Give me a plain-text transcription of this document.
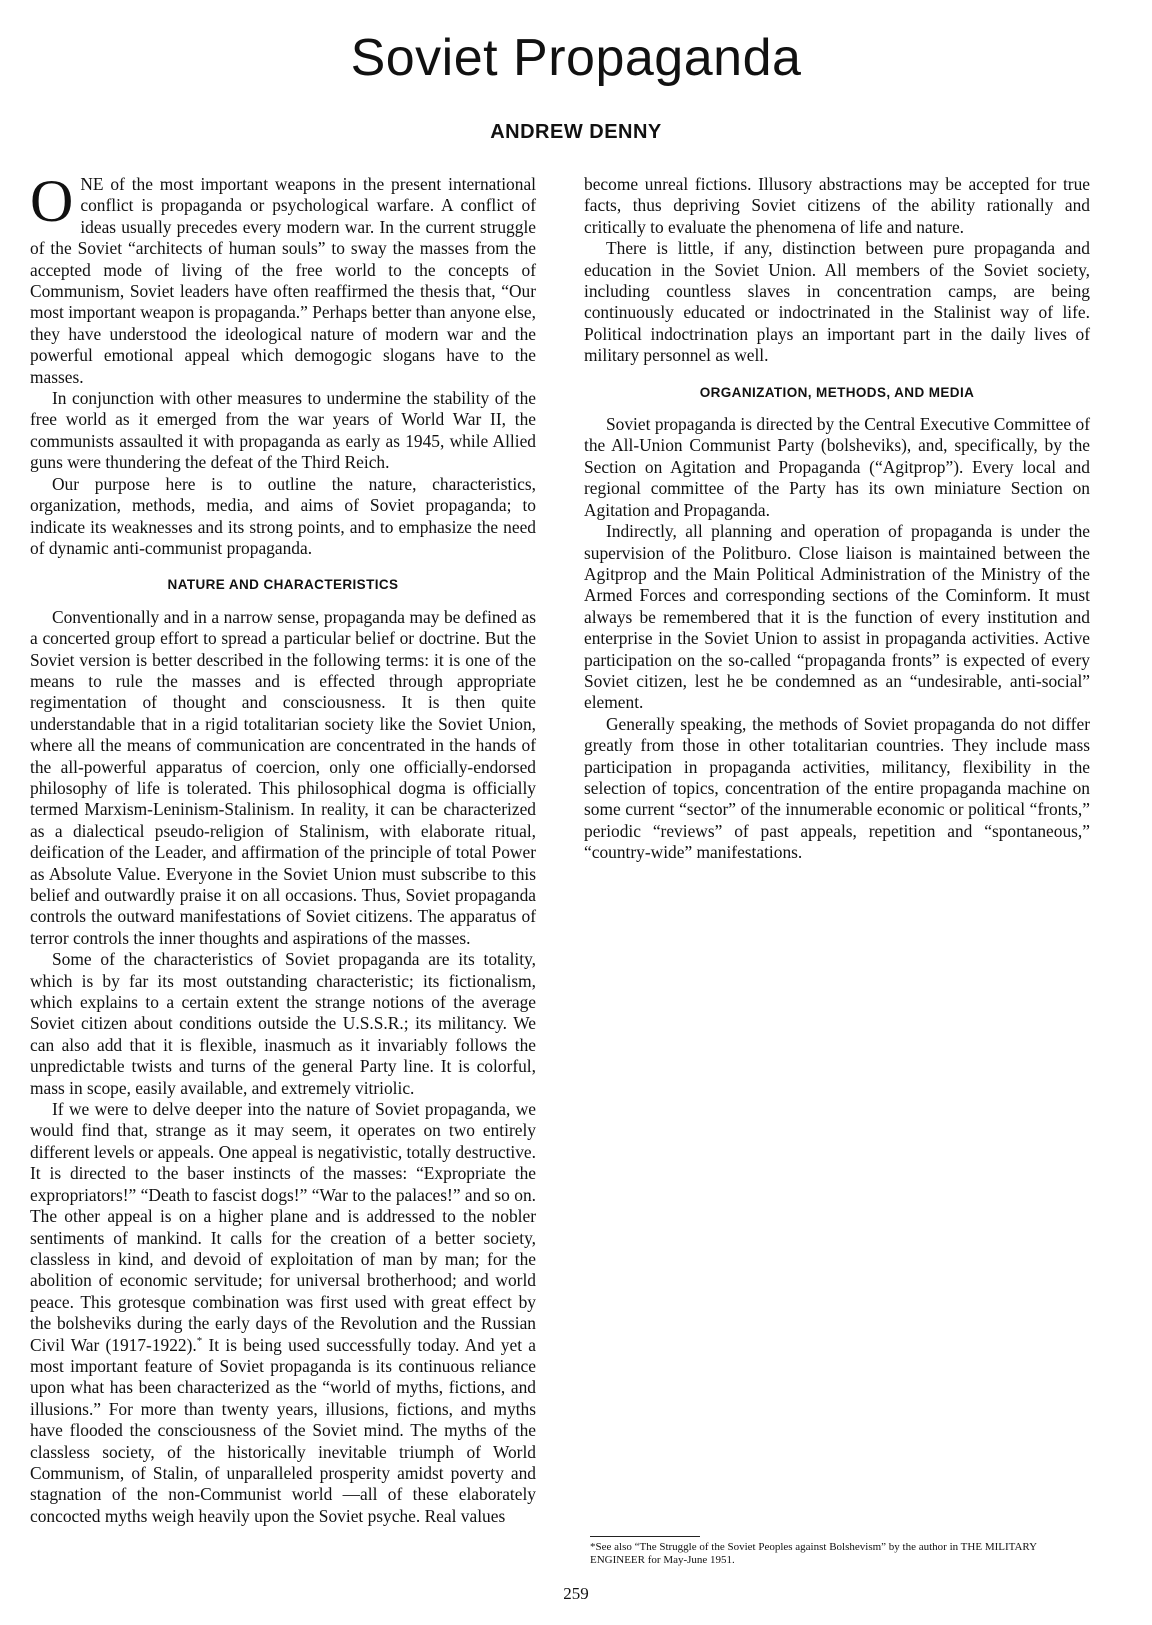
Soviet Propaganda
ANDREW DENNY

ONE of the most important weapons in the present international conflict is propaganda or psychological warfare. A conflict of ideas usually precedes every modern war. In the current struggle of the Soviet “architects of human souls” to sway the masses from the accepted mode of living of the free world to the concepts of Communism, Soviet leaders have often reaffirmed the thesis that, “Our most important weapon is propaganda.” Perhaps better than anyone else, they have understood the ideological nature of modern war and the powerful emotional appeal which demogogic slogans have to the masses.

In conjunction with other measures to undermine the stability of the free world as it emerged from the war years of World War II, the communists assaulted it with propaganda as early as 1945, while Allied guns were thundering the defeat of the Third Reich.

Our purpose here is to outline the nature, characteristics, organization, methods, media, and aims of Soviet propaganda; to indicate its weaknesses and its strong points, and to emphasize the need of dynamic anti-communist propaganda.

NATURE AND CHARACTERISTICS

Conventionally and in a narrow sense, propaganda may be defined as a concerted group effort to spread a particular belief or doctrine. But the Soviet version is better described in the following terms: it is one of the means to rule the masses and is effected through appropriate regimentation of thought and consciousness. It is then quite understandable that in a rigid totalitarian society like the Soviet Union, where all the means of communication are concentrated in the hands of the all-powerful apparatus of coercion, only one officially-endorsed philosophy of life is tolerated. This philosophical dogma is officially termed Marxism-Leninism-Stalinism. In reality, it can be characterized as a dialectical pseudo-religion of Stalinism, with elaborate ritual, deification of the Leader, and affirmation of the principle of total Power as Absolute Value. Everyone in the Soviet Union must subscribe to this belief and outwardly praise it on all occasions. Thus, Soviet propaganda controls the outward manifestations of Soviet citizens. The apparatus of terror controls the inner thoughts and aspirations of the masses.

Some of the characteristics of Soviet propaganda are its totality, which is by far its most outstanding characteristic; its fictionalism, which explains to a certain extent the strange notions of the average Soviet citizen about conditions outside the U.S.S.R.; its militancy. We can also add that it is flexible, inasmuch as it invariably follows the unpredictable twists and turns of the general Party line. It is colorful, mass in scope, easily available, and extremely vitriolic.

If we were to delve deeper into the nature of Soviet propaganda, we would find that, strange as it may seem, it operates on two entirely different levels or appeals. One appeal is negativistic, totally destructive. It is directed to the baser instincts of the masses: “Expropriate the expropriators!” “Death to fascist dogs!” “War to the palaces!” and so on. The other appeal is on a higher plane and is addressed to the nobler sentiments of mankind. It calls for the creation of a better society, classless in kind, and devoid of exploitation of man by man; for the abolition of economic servitude; for universal brotherhood; and world peace. This grotesque combination was first used with great effect by the bolsheviks during the early days of the Revolution and the Russian Civil War (1917-1922).* It is being used successfully today. And yet a most important feature of Soviet propaganda is its continuous reliance upon what has been characterized as the “world of myths, fictions, and illusions.” For more than twenty years, illusions, fictions, and myths have flooded the consciousness of the Soviet mind. The myths of the classless society, of the historically inevitable triumph of World Communism, of Stalin, of unparalleled prosperity amidst poverty and stagnation of the non-Communist world —all of these elaborately concocted myths weigh heavily upon the Soviet psyche. Real values

become unreal fictions. Illusory abstractions may be accepted for true facts, thus depriving Soviet citizens of the ability rationally and critically to evaluate the phenomena of life and nature.

There is little, if any, distinction between pure propaganda and education in the Soviet Union. All members of the Soviet society, including countless slaves in concentration camps, are being continuously educated or indoctrinated in the Stalinist way of life. Political indoctrination plays an important part in the daily lives of military personnel as well.

ORGANIZATION, METHODS, AND MEDIA

Soviet propaganda is directed by the Central Executive Committee of the All-Union Communist Party (bolsheviks), and, specifically, by the Section on Agitation and Propaganda (“Agitprop”). Every local and regional committee of the Party has its own miniature Section on Agitation and Propaganda.

Indirectly, all planning and operation of propaganda is under the supervision of the Politburo. Close liaison is maintained between the Agitprop and the Main Political Administration of the Ministry of the Armed Forces and corresponding sections of the Cominform. It must always be remembered that it is the function of every institution and enterprise in the Soviet Union to assist in propaganda activities. Active participation on the so-called “propaganda fronts” is expected of every Soviet citizen, lest he be condemned as an “undesirable, anti-social” element.

Generally speaking, the methods of Soviet propaganda do not differ greatly from those in other totalitarian countries. They include mass participation in propaganda activities, militancy, flexibility in the selection of topics, concentration of the entire propaganda machine on some current “sector” of the innumerable economic or political “fronts,” periodic “reviews” of past appeals, repetition and “spontaneous,” “country-wide” manifestations.

*See also “The Struggle of the Soviet Peoples against Bolshevism” by the author in THE MILITARY ENGINEER for May-June 1951.
259
